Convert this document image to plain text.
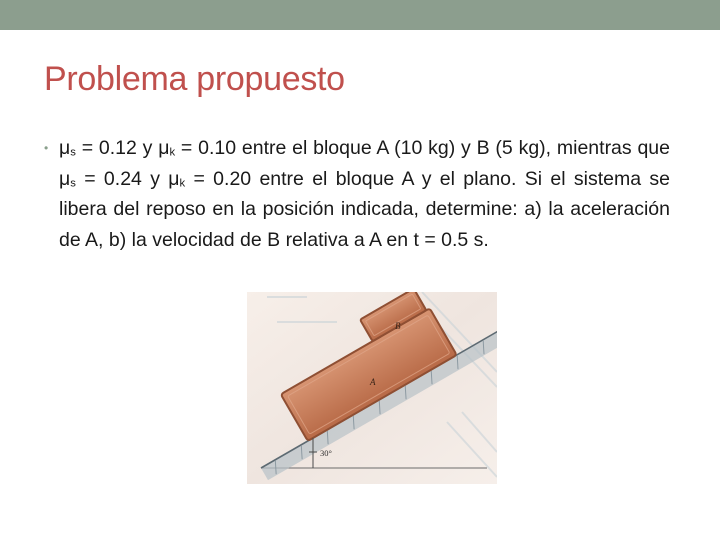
Problema propuesto
• $\mu_s = 0.12$ y $\mu_k = 0.10$ entre el bloque A (10 kg) y B (5 kg), mientras que $\mu_s = 0.24$ y $\mu_k = 0.20$ entre el bloque A y el plano. Si el sistema se libera del reposo en la posición indicada, determine: a) la aceleración de A, b) la velocidad de B relativa a A en t = 0.5 s.

B
A
30°
